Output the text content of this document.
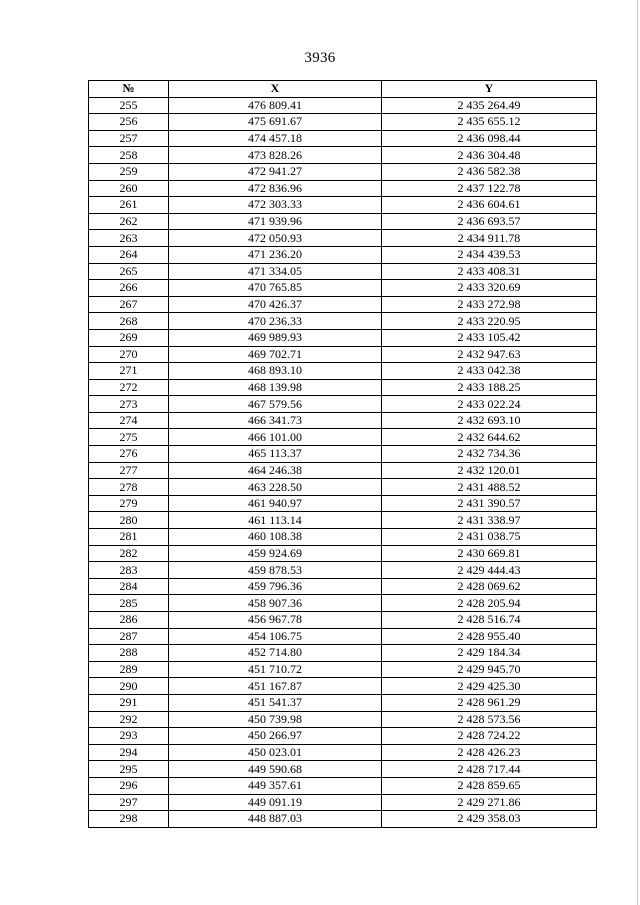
3936
№	X	Y
255	476 809.41	2 435 264.49
256	475 691.67	2 435 655.12
257	474 457.18	2 436 098.44
258	473 828.26	2 436 304.48
259	472 941.27	2 436 582.38
260	472 836.96	2 437 122.78
261	472 303.33	2 436 604.61
262	471 939.96	2 436 693.57
263	472 050.93	2 434 911.78
264	471 236.20	2 434 439.53
265	471 334.05	2 433 408.31
266	470 765.85	2 433 320.69
267	470 426.37	2 433 272.98
268	470 236.33	2 433 220.95
269	469 989.93	2 433 105.42
270	469 702.71	2 432 947.63
271	468 893.10	2 433 042.38
272	468 139.98	2 433 188.25
273	467 579.56	2 433 022.24
274	466 341.73	2 432 693.10
275	466 101.00	2 432 644.62
276	465 113.37	2 432 734.36
277	464 246.38	2 432 120.01
278	463 228.50	2 431 488.52
279	461 940.97	2 431 390.57
280	461 113.14	2 431 338.97
281	460 108.38	2 431 038.75
282	459 924.69	2 430 669.81
283	459 878.53	2 429 444.43
284	459 796.36	2 428 069.62
285	458 907.36	2 428 205.94
286	456 967.78	2 428 516.74
287	454 106.75	2 428 955.40
288	452 714.80	2 429 184.34
289	451 710.72	2 429 945.70
290	451 167.87	2 429 425.30
291	451 541.37	2 428 961.29
292	450 739.98	2 428 573.56
293	450 266.97	2 428 724.22
294	450 023.01	2 428 426.23
295	449 590.68	2 428 717.44
296	449 357.61	2 428 859.65
297	449 091.19	2 429 271.86
298	448 887.03	2 429 358.03
